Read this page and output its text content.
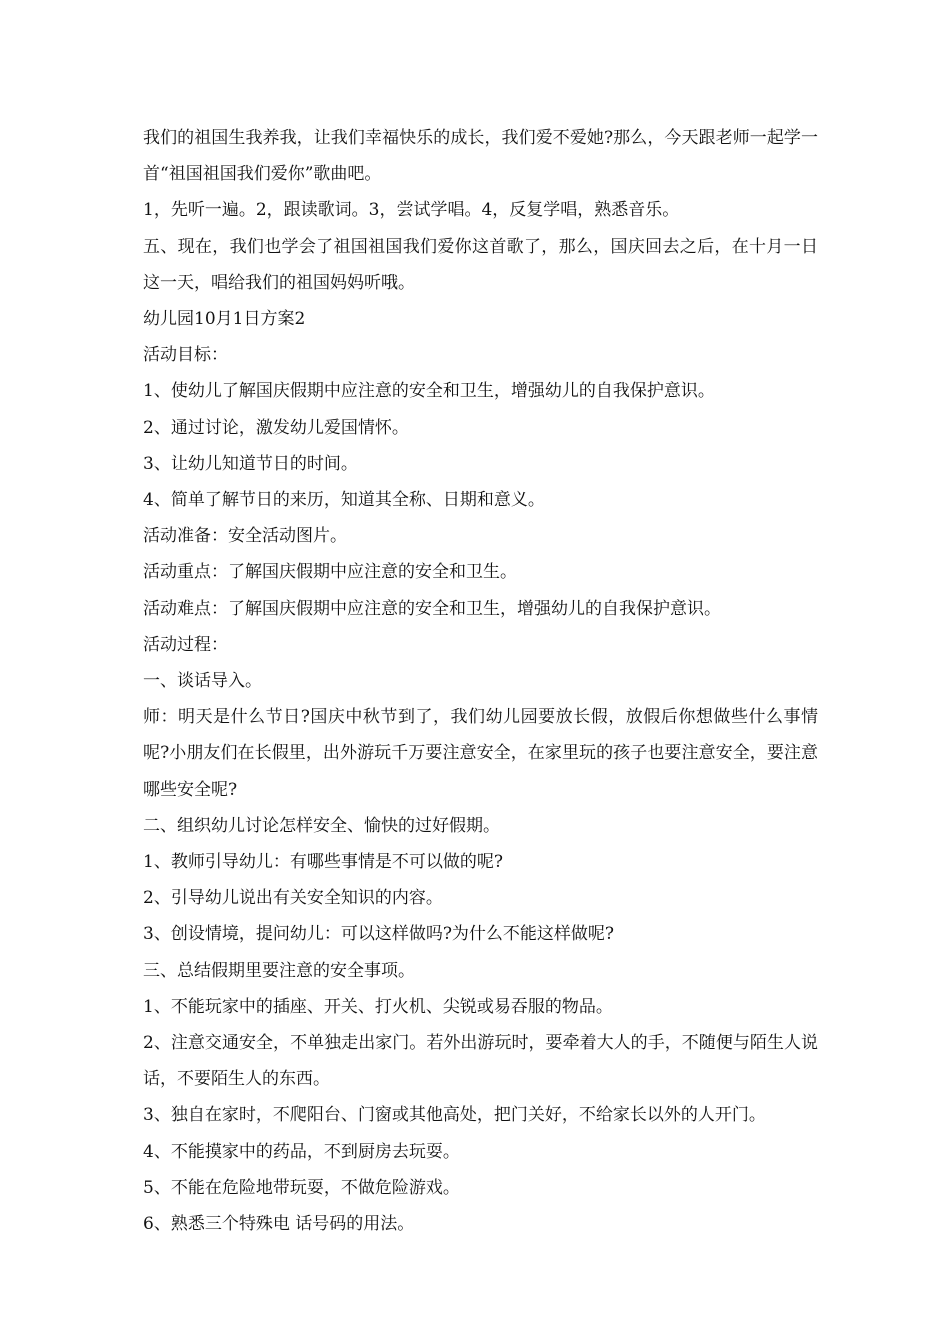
我们的祖国生我养我，让我们幸福快乐的成长，我们爱不爱她?那么，今天跟老师一起学一首“祖国祖国我们爱你”歌曲吧。

1，先听一遍。2，跟读歌词。3，尝试学唱。4，反复学唱，熟悉音乐。

五、现在，我们也学会了祖国祖国我们爱你这首歌了，那么，国庆回去之后，在十月一日这一天，唱给我们的祖国妈妈听哦。

幼儿园10月1日方案2

活动目标：

1、使幼儿了解国庆假期中应注意的安全和卫生，增强幼儿的自我保护意识。

2、通过讨论，激发幼儿爱国情怀。

3、让幼儿知道节日的时间。

4、简单了解节日的来历，知道其全称、日期和意义。

活动准备：安全活动图片。

活动重点：了解国庆假期中应注意的安全和卫生。

活动难点：了解国庆假期中应注意的安全和卫生，增强幼儿的自我保护意识。

活动过程：

一、谈话导入。

师：明天是什么节日?国庆中秋节到了，我们幼儿园要放长假，放假后你想做些什么事情呢?小朋友们在长假里，出外游玩千万要注意安全，在家里玩的孩子也要注意安全，要注意哪些安全呢?

二、组织幼儿讨论怎样安全、愉快的过好假期。

1、教师引导幼儿：有哪些事情是不可以做的呢?

2、引导幼儿说出有关安全知识的内容。

3、创设情境，提问幼儿：可以这样做吗?为什么不能这样做呢?

三、总结假期里要注意的安全事项。

1、不能玩家中的插座、开关、打火机、尖锐或易吞服的物品。

2、注意交通安全，不单独走出家门。若外出游玩时，要牵着大人的手，不随便与陌生人说话，不要陌生人的东西。

3、独自在家时，不爬阳台、门窗或其他高处，把门关好，不给家长以外的人开门。

4、不能摸家中的药品，不到厨房去玩耍。

5、不能在危险地带玩耍，不做危险游戏。

6、熟悉三个特殊电 话号码的用法。
